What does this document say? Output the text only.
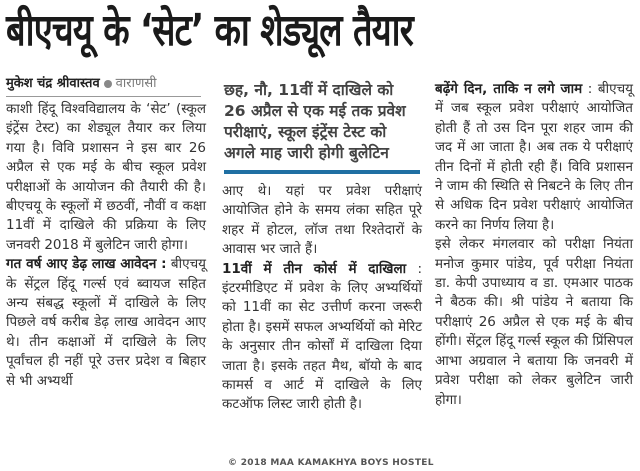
बीएचयू के ‘सेट’ का शेड्यूल तैयार
मुकेश चंद्र श्रीवास्तव वाराणसी

काशी हिंदू विश्वविद्यालय के ‘सेट’ (स्कूल इंट्रेंस टेस्ट) का शेड्यूल तैयार कर लिया गया है। विवि प्रशासन ने इस बार 26 अप्रैल से एक मई के बीच स्कूल प्रवेश परीक्षाओं के आयोजन की तैयारी की है। बीएचयू के स्कूलों में छठवीं, नौवीं व कक्षा 11वीं में दाखिले की प्रक्रिया के लिए जनवरी 2018 में बुलेटिन जारी होगा।

गत वर्ष आए डेढ़ लाख आवेदन : बीएचयू के सेंट्रल हिंदू गर्ल्स एवं ब्वायज सहित अन्य संबद्ध स्कूलों में दाखिले के लिए पिछले वर्ष करीब डेढ़ लाख आवेदन आए थे। तीन कक्षाओं में दाखिले के लिए पूर्वांचल ही नहीं पूरे उत्तर प्रदेश व बिहार से भी अभ्यर्थी

छह, नौ, 11वीं में दाखिले को 26 अप्रैल से एक मई तक प्रवेश परीक्षाएं, स्कूल इंट्रेंस टेस्ट को अगले माह जारी होगी बुलेटिन

आए थे। यहां पर प्रवेश परीक्षाएं आयोजित होने के समय लंका सहित पूरे शहर में होटल, लॉज तथा रिश्तेदारों के आवास भर जाते हैं।

11वीं में तीन कोर्स में दाखिला : इंटरमीडिएट में प्रवेश के लिए अभ्यर्थियों को 11वीं का सेट उत्तीर्ण करना जरूरी होता है। इसमें सफल अभ्यर्थियों को मेरिट के अनुसार तीन कोर्सों में दाखिला दिया जाता है। इसके तहत मैथ, बॉयो के बाद कामर्स व आर्ट में दाखिले के लिए कटऑफ लिस्ट जारी होती है।

बढ़ेंगे दिन, ताकि न लगे जाम : बीएचयू में जब स्कूल प्रवेश परीक्षाएं आयोजित होती हैं तो उस दिन पूरा शहर जाम की जद में आ जाता है। अब तक ये परीक्षाएं तीन दिनों में होती रही हैं। विवि प्रशासन ने जाम की स्थिति से निबटने के लिए तीन से अधिक दिन प्रवेश परीक्षाएं आयोजित करने का निर्णय लिया है।

इसे लेकर मंगलवार को परीक्षा नियंता मनोज कुमार पांडेय, पूर्व परीक्षा नियंता डा. केपी उपाध्याय व डा. एमआर पाठक ने बैठक की। श्री पांडेय ने बताया कि परीक्षाएं 26 अप्रैल से एक मई के बीच होंगी। सेंट्रल हिंदू गर्ल्स स्कूल की प्रिंसिपल आभा अग्रवाल ने बताया कि जनवरी में प्रवेश परीक्षा को लेकर बुलेटिन जारी होगा।

© 2018 MAA KAMAKHYA BOYS HOSTEL
